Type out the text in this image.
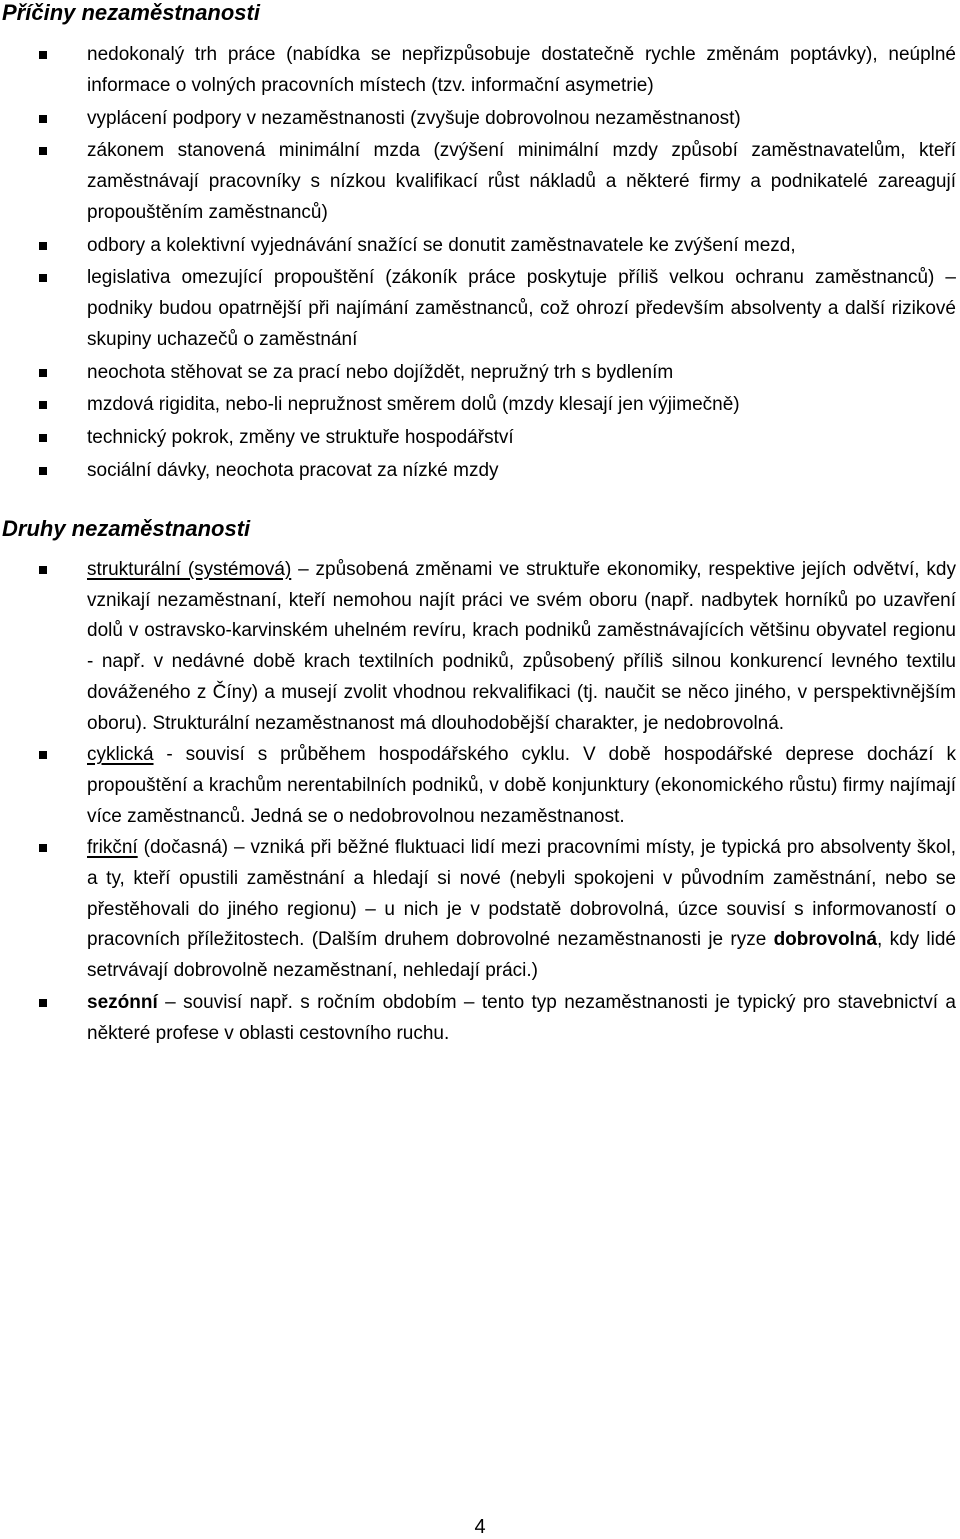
Příčiny nezaměstnanosti
nedokonalý trh práce (nabídka se nepřizpůsobuje dostatečně rychle změnám poptávky), neúplné informace o volných pracovních místech (tzv. informační asymetrie)
vyplácení podpory v nezaměstnanosti (zvyšuje dobrovolnou nezaměstnanost)
zákonem stanovená minimální mzda (zvýšení minimální mzdy způsobí zaměstnavatelům, kteří zaměstnávají pracovníky s nízkou kvalifikací růst nákladů a některé firmy a podnikatelé zareagují propouštěním zaměstnanců)
odbory a kolektivní vyjednávání snažící se donutit zaměstnavatele ke zvýšení mezd,
legislativa omezující propouštění (zákoník práce poskytuje příliš velkou ochranu zaměstnanců) – podniky budou opatrnější při najímání zaměstnanců, což ohrozí především absolventy a další rizikové skupiny uchazečů o zaměstnání
neochota stěhovat se za prací nebo dojíždět, nepružný trh s bydlením
mzdová rigidita, nebo-li nepružnost směrem dolů (mzdy klesají jen výjimečně)
technický pokrok, změny ve struktuře hospodářství
sociální dávky, neochota pracovat za nízké mzdy
Druhy nezaměstnanosti
strukturální (systémová) – způsobená změnami ve struktuře ekonomiky, respektive jejích odvětví, kdy vznikají nezaměstnaní, kteří nemohou najít práci ve svém oboru (např. nadbytek horníků po uzavření dolů v ostravsko-karvinském uhelném revíru, krach podniků zaměstnávajících většinu obyvatel regionu - např. v nedávné době krach textilních podniků, způsobený příliš silnou konkurencí levného textilu dováženého z Číny) a musejí zvolit vhodnou rekvalifikaci (tj. naučit se něco jiného, v perspektivnějším oboru). Strukturální nezaměstnanost má dlouhodobější charakter, je nedobrovolná.
cyklická - souvisí s průběhem hospodářského cyklu. V době hospodářské deprese dochází k propouštění a krachům nerentabilních podniků, v době konjunktury (ekonomického růstu) firmy najímají více zaměstnanců. Jedná se o nedobrovolnou nezaměstnanost.
frikční (dočasná) – vzniká při běžné fluktuaci lidí mezi pracovními místy, je typická pro absolventy škol, a ty, kteří opustili zaměstnání a hledají si nové (nebyli spokojeni v původním zaměstnání, nebo se přestěhovali do jiného regionu) – u nich je v podstatě dobrovolná, úzce souvisí s informovaností o pracovních příležitostech. (Dalším druhem dobrovolné nezaměstnanosti je ryze dobrovolná, kdy lidé setrvávají dobrovolně nezaměstnaní, nehledají práci.)
sezónní – souvisí např. s ročním obdobím – tento typ nezaměstnanosti je typický pro stavebnictví a některé profese v oblasti cestovního ruchu.
4
